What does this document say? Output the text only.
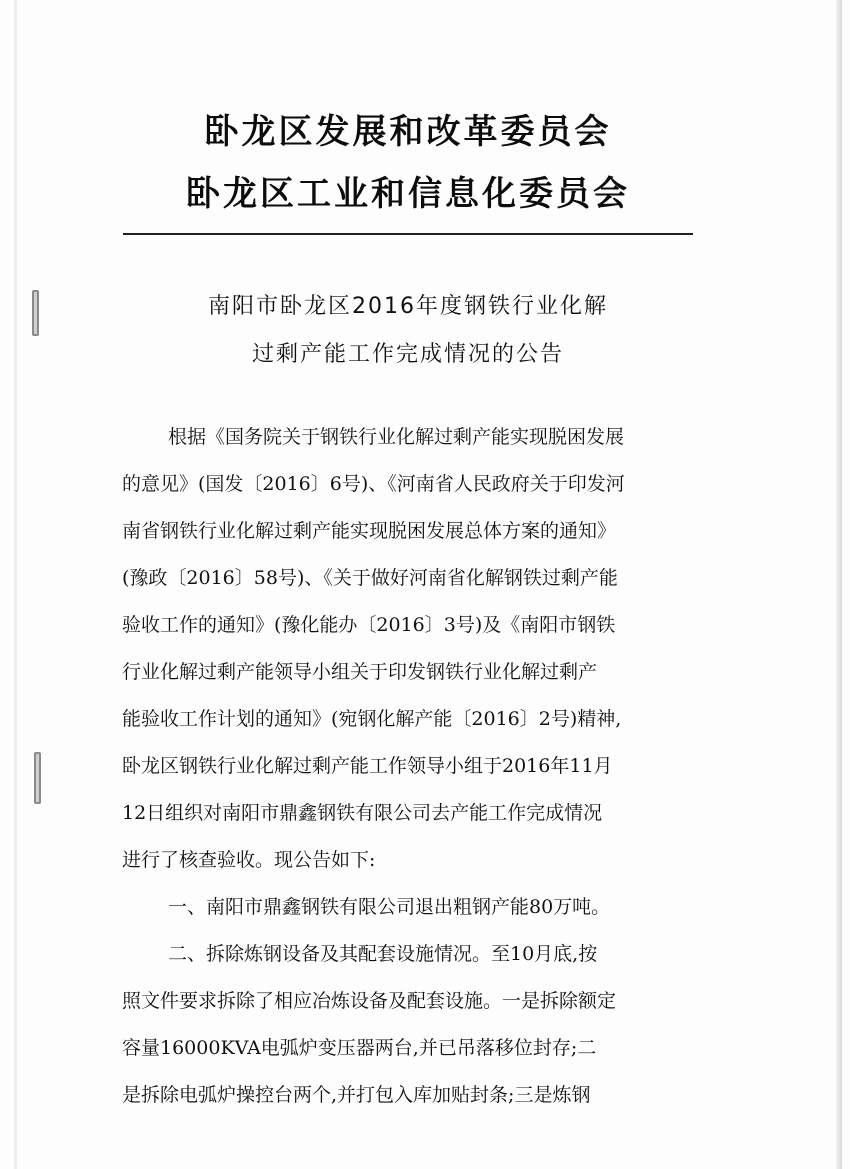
卧龙区发展和改革委员会
卧龙区工业和信息化委员会
南阳市卧龙区2016年度钢铁行业化解
过剩产能工作完成情况的公告
根据《国务院关于钢铁行业化解过剩产能实现脱困发展
的意见》(国发〔2016〕6号)、《河南省人民政府关于印发河
南省钢铁行业化解过剩产能实现脱困发展总体方案的通知》
(豫政〔2016〕58号)、《关于做好河南省化解钢铁过剩产能
验收工作的通知》(豫化能办〔2016〕3号)及《南阳市钢铁
行业化解过剩产能领导小组关于印发钢铁行业化解过剩产
能验收工作计划的通知》(宛钢化解产能〔2016〕2号)精神,
卧龙区钢铁行业化解过剩产能工作领导小组于2016年11月
12日组织对南阳市鼎鑫钢铁有限公司去产能工作完成情况
进行了核查验收。现公告如下:
一、南阳市鼎鑫钢铁有限公司退出粗钢产能80万吨。
二、拆除炼钢设备及其配套设施情况。至10月底,按
照文件要求拆除了相应冶炼设备及配套设施。一是拆除额定
容量16000KVA电弧炉变压器两台,并已吊落移位封存;二
是拆除电弧炉操控台两个,并打包入库加贴封条;三是炼钢
